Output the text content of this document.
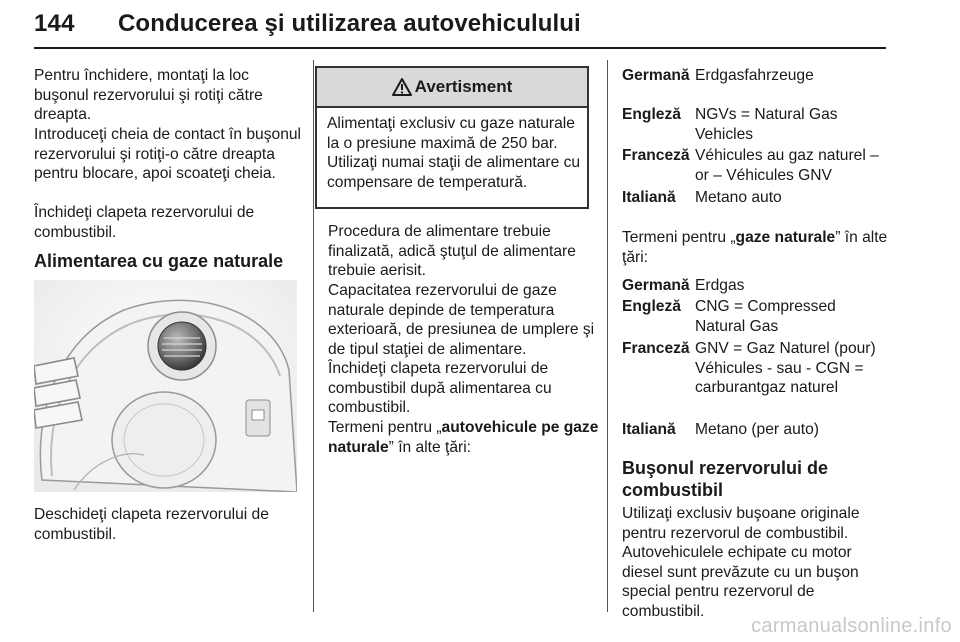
144 Conducerea şi utilizarea autovehiculului

Pentru închidere, montaţi la loc buşonul rezervorului şi rotiţi către dreapta.

Introduceţi cheia de contact în buşonul rezervorului şi rotiţi-o către dreapta pentru blocare, apoi scoateţi cheia.

Închideţi clapeta rezervorului de combustibil.

Alimentarea cu gaze naturale

Deschideţi clapeta rezervorului de combustibil.

Avertisment
Alimentaţi exclusiv cu gaze naturale la o presiune maximă de 250 bar. Utilizaţi numai staţii de alimentare cu compensare de temperatură.

Procedura de alimentare trebuie finalizată, adică ştuţul de alimentare trebuie aerisit.

Capacitatea rezervorului de gaze naturale depinde de temperatura exterioară, de presiunea de umplere şi de tipul staţiei de alimentare.

Închideţi clapeta rezervorului de combustibil după alimentarea cu combustibil.

Termeni pentru „autovehicule pe gaze naturale” în alte ţări:

Germană Erdgasfahrzeuge
Engleză NGVs = Natural Gas Vehicles
Franceză Véhicules au gaz naturel – or – Véhicules GNV
Italiană Metano auto

Termeni pentru „gaze naturale” în alte ţări:

Germană Erdgas
Engleză CNG = Compressed Natural Gas
Franceză GNV = Gaz Naturel (pour) Véhicules - sau - CGN = carburantgaz naturel
Italiană Metano (per auto)
Buşonul rezervorului de combustibil

Utilizaţi exclusiv buşoane originale pentru rezervorul de combustibil. Autovehiculele echipate cu motor diesel sunt prevăzute cu un buşon special pentru rezervorul de combustibil.

carmanualsonline.info
